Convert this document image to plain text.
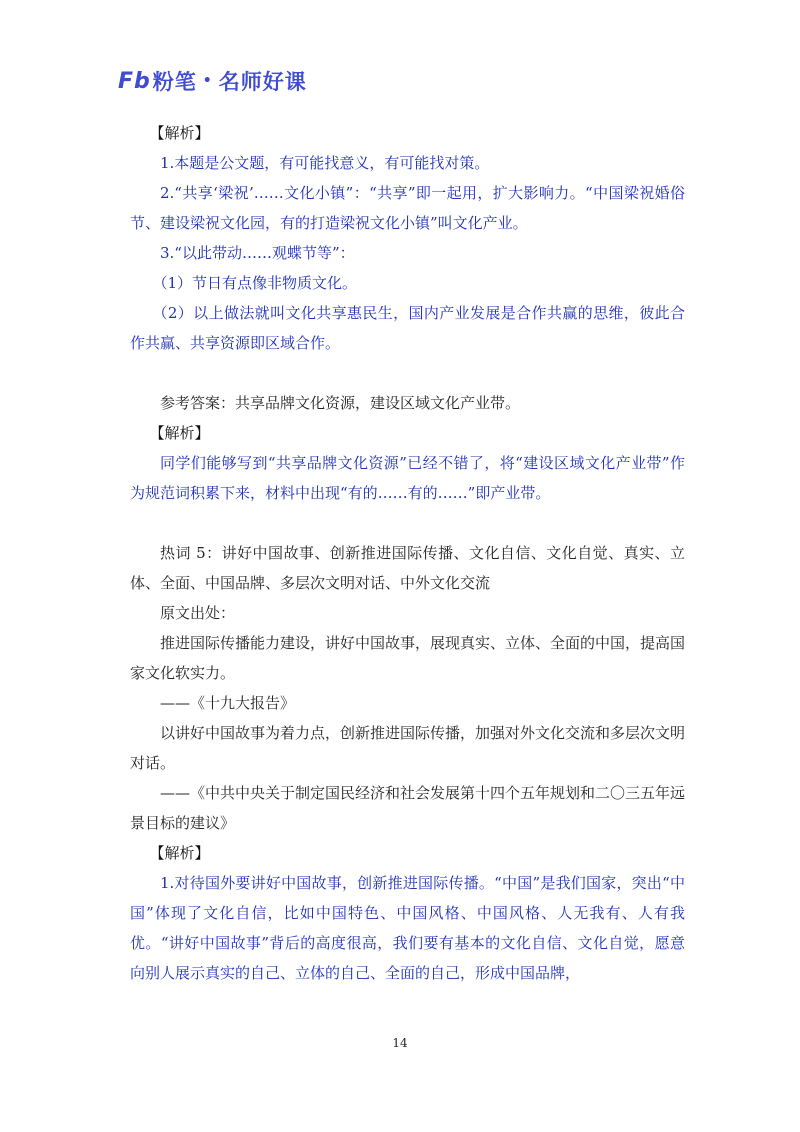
Fb 粉笔 • 名师好课

【解析】

1.本题是公文题，有可能找意义，有可能找对策。

2.“共享‘梁祝’……文化小镇”：“共享”即一起用，扩大影响力。“中国梁祝婚俗节、建设梁祝文化园，有的打造梁祝文化小镇”叫文化产业。

3.“以此带动……观蝶节等”：

（1）节日有点像非物质文化。

（2）以上做法就叫文化共享惠民生，国内产业发展是合作共赢的思维，彼此合作共赢、共享资源即区域合作。

参考答案：共享品牌文化资源，建设区域文化产业带。

【解析】

同学们能够写到“共享品牌文化资源”已经不错了，将“建设区域文化产业带”作为规范词积累下来，材料中出现“有的……有的……”即产业带。

热词 5：讲好中国故事、创新推进国际传播、文化自信、文化自觉、真实、立体、全面、中国品牌、多层次文明对话、中外文化交流

原文出处：

推进国际传播能力建设，讲好中国故事，展现真实、立体、全面的中国，提高国家文化软实力。

——《十九大报告》

以讲好中国故事为着力点，创新推进国际传播，加强对外文化交流和多层次文明对话。

——《中共中央关于制定国民经济和社会发展第十四个五年规划和二〇三五年远景目标的建议》

【解析】

1.对待国外要讲好中国故事，创新推进国际传播。“中国”是我们国家，突出“中国”体现了文化自信，比如中国特色、中国风格、中国风格、人无我有、人有我优。“讲好中国故事”背后的高度很高，我们要有基本的文化自信、文化自觉，愿意向别人展示真实的自己、立体的自己、全面的自己，形成中国品牌，

14
